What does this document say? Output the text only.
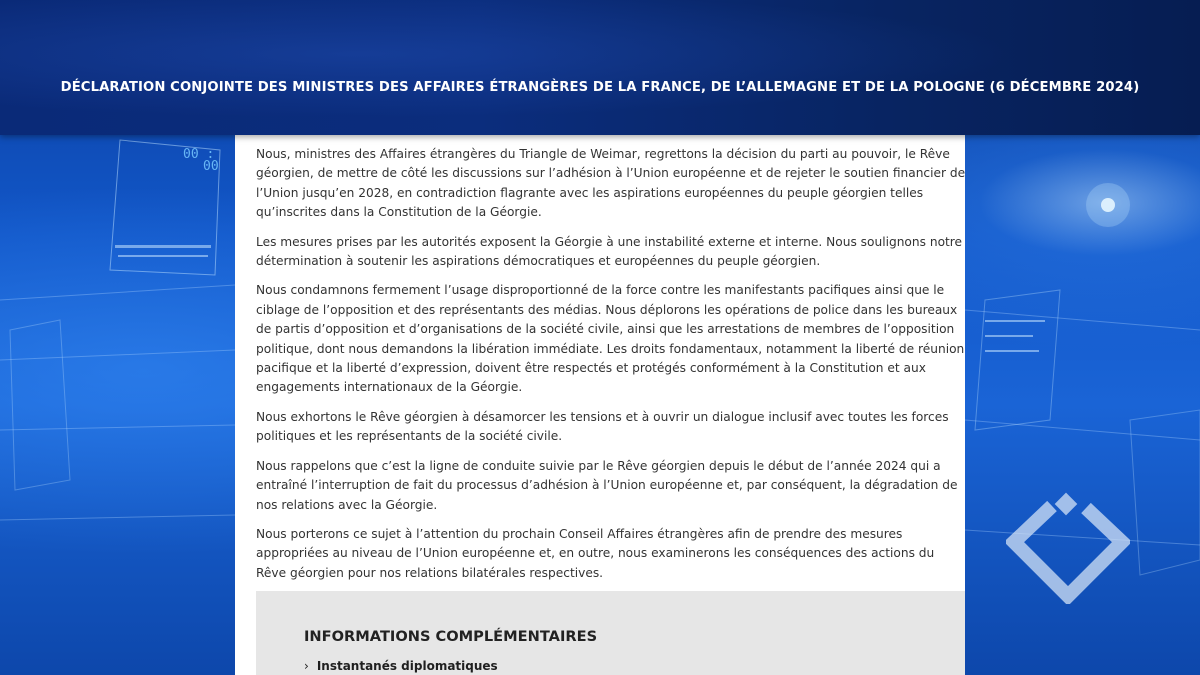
00 :
00
DÉCLARATION CONJOINTE DES MINISTRES DES AFFAIRES ÉTRANGÈRES DE LA FRANCE, DE L’ALLEMAGNE ET DE LA POLOGNE (6 DÉCEMBRE 2024)

Nous, ministres des Affaires étrangères du Triangle de Weimar, regrettons la décision du parti au pouvoir, le Rêve géorgien, de mettre de côté les discussions sur l’adhésion à l’Union européenne et de rejeter le soutien financier de l’Union jusqu’en 2028, en contradiction flagrante avec les aspirations européennes du peuple géorgien telles qu’inscrites dans la Constitution de la Géorgie.

Les mesures prises par les autorités exposent la Géorgie à une instabilité externe et interne. Nous soulignons notre détermination à soutenir les aspirations démocratiques et européennes du peuple géorgien.

Nous condamnons fermement l’usage disproportionné de la force contre les manifestants pacifiques ainsi que le ciblage de l’opposition et des représentants des médias. Nous déplorons les opérations de police dans les bureaux de partis d’opposition et d’organisations de la société civile, ainsi que les arrestations de membres de l’opposition politique, dont nous demandons la libération immédiate. Les droits fondamentaux, notamment la liberté de réunion pacifique et la liberté d’expression, doivent être respectés et protégés conformément à la Constitution et aux engagements internationaux de la Géorgie.

Nous exhortons le Rêve géorgien à désamorcer les tensions et à ouvrir un dialogue inclusif avec toutes les forces politiques et les représentants de la société civile.

Nous rappelons que c’est la ligne de conduite suivie par le Rêve géorgien depuis le début de l’année 2024 qui a entraîné l’interruption de fait du processus d’adhésion à l’Union européenne et, par conséquent, la dégradation de nos relations avec la Géorgie.

Nous porterons ce sujet à l’attention du prochain Conseil Affaires étrangères afin de prendre des mesures appropriées au niveau de l’Union européenne et, en outre, nous examinerons les conséquences des actions du Rêve géorgien pour nos relations bilatérales respectives.

INFORMATIONS COMPLÉMENTAIRES
› Instantanés diplomatiques
